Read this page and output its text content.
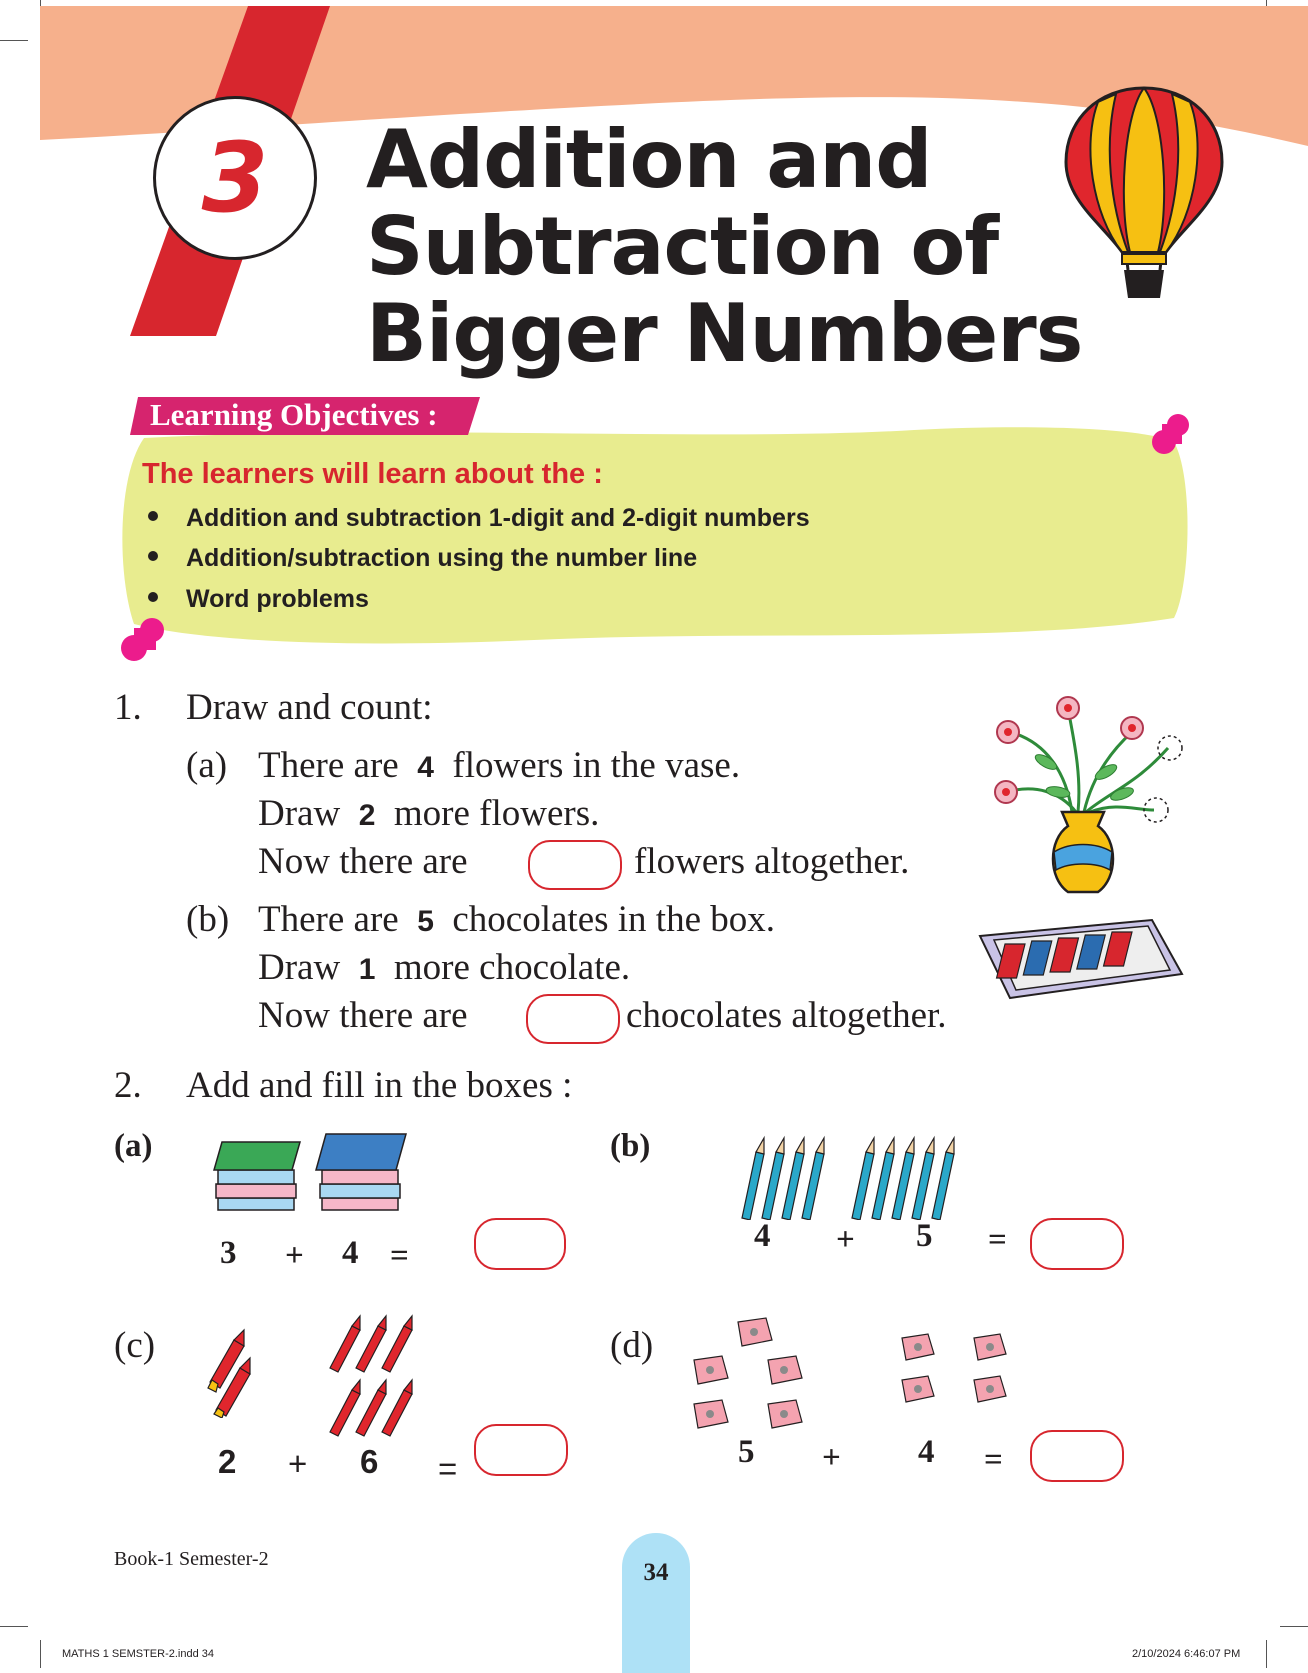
3	Addition and
Subtraction of
Bigger Numbers
Learning Objectives :
The learners will learn about the :
Addition and subtraction 1-digit and 2-digit numbers
Addition/subtraction using the number line
Word problems
1. Draw and count:
(a) There are 4 flowers in the vase.
Draw 2 more flowers.
Now there are	flowers altogether.
(b) There are 5 chocolates in the box.
Draw 1 more chocolate.
Now there are	chocolates altogether.
2. Add and fill in the boxes :
(a)
3 + 4 =
(b)
4 + 5 =
(c)
2 + 6 =
(d)
5 + 4 =
Book-1 Semester-2	34
MATHS 1 SEMSTER-2.indd 34	2/10/2024 6:46:07 PM
